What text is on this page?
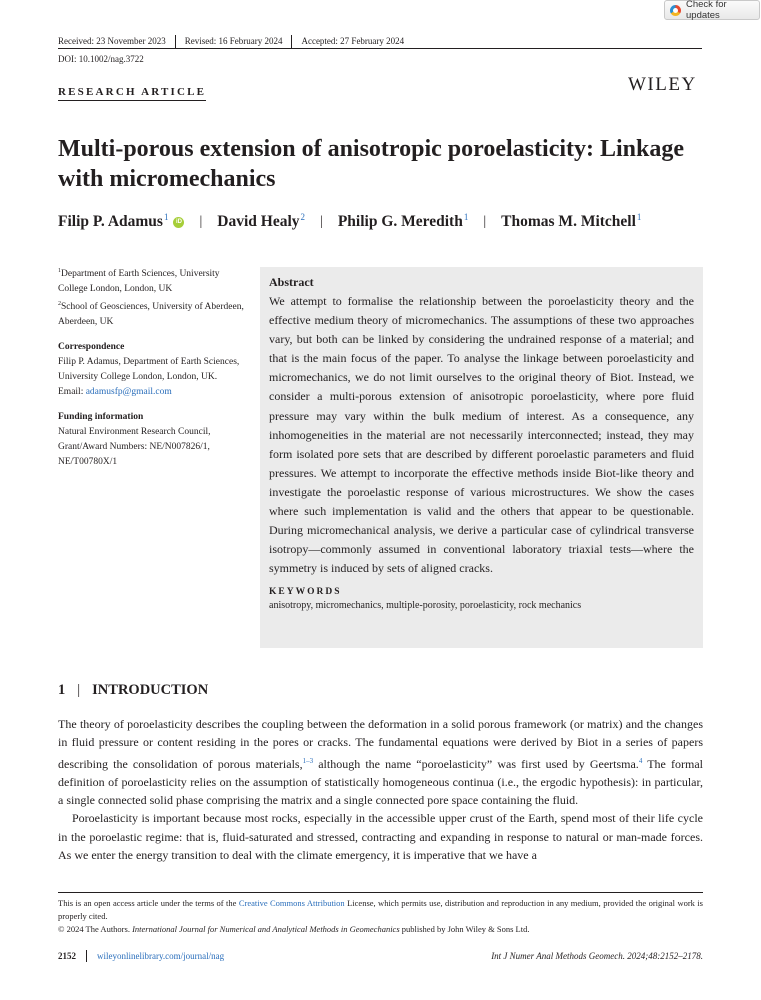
Check for updates
Received: 23 November 2023	Revised: 16 February 2024	Accepted: 27 February 2024
DOI: 10.1002/nag.3722
RESEARCH ARTICLE	WILEY
Multi-porous extension of anisotropic poroelasticity: Linkage with micromechanics
Filip P. Adamus$^1$	iD | David Healy$^2$ | Philip G. Meredith$^1$ | Thomas M. Mitchell$^1$
$^1$Department of Earth Sciences, University College London, London, UK
$^2$School of Geosciences, University of Aberdeen, Aberdeen, UK
Correspondence
Filip P. Adamus, Department of Earth Sciences, University College London, London, UK.
Email: adamusfp@gmail.com
Funding information
Natural Environment Research Council, Grant/Award Numbers: NE/N007826/1, NE/T00780X/1
Abstract

We attempt to formalise the relationship between the poroelasticity theory and the effective medium theory of micromechanics. The assumptions of these two approaches vary, but both can be linked by considering the undrained response of a material; and that is the main focus of the paper. To analyse the linkage between poroelasticity and micromechanics, we do not limit ourselves to the original theory of Biot. Instead, we consider a multi-porous extension of anisotropic poroelasticity, where pore fluid pressure may vary within the bulk medium of interest. As a consequence, any inhomogeneities in the material are not necessarily interconnected; instead, they may form isolated pore sets that are described by different poroelastic parameters and fluid pressures. We attempt to incorporate the effective methods inside Biot-like theory and investigate the poroelastic response of various microstructures. We show the cases where such implementation is valid and the others that appear to be questionable. During micromechanical analysis, we derive a particular case of cylindrical transverse isotropy—commonly assumed in conventional laboratory triaxial tests—where the symmetry is induced by sets of aligned cracks.

KEYWORDS
anisotropy, micromechanics, multiple-porosity, poroelasticity, rock mechanics
1 | INTRODUCTION

The theory of poroelasticity describes the coupling between the deformation in a solid porous framework (or matrix) and the changes in fluid pressure or content residing in the pores or cracks. The fundamental equations were derived by Biot in a series of papers describing the consolidation of porous materials,$^{1-3}$ although the name “poroelasticity” was first used by Geertsma.$^4$ The formal definition of poroelasticity relies on the assumption of statistically homogeneous continua (i.e., the ergodic hypothesis): in particular, a single connected solid phase comprising the matrix and a single connected pore space containing the fluid.

Poroelasticity is important because most rocks, especially in the accessible upper crust of the Earth, spend most of their life cycle in the poroelastic regime: that is, fluid-saturated and stressed, contracting and expanding in response to natural or man-made forces. As we enter the energy transition to deal with the climate emergency, it is imperative that we have a

This is an open access article under the terms of the Creative Commons Attribution License, which permits use, distribution and reproduction in any medium, provided the original work is properly cited.
© 2024 The Authors. International Journal for Numerical and Analytical Methods in Geomechanics published by John Wiley & Sons Ltd.
2152 wileyonlinelibrary.com/journal/nag	Int J Numer Anal Methods Geomech. 2024;48:2152–2178.
